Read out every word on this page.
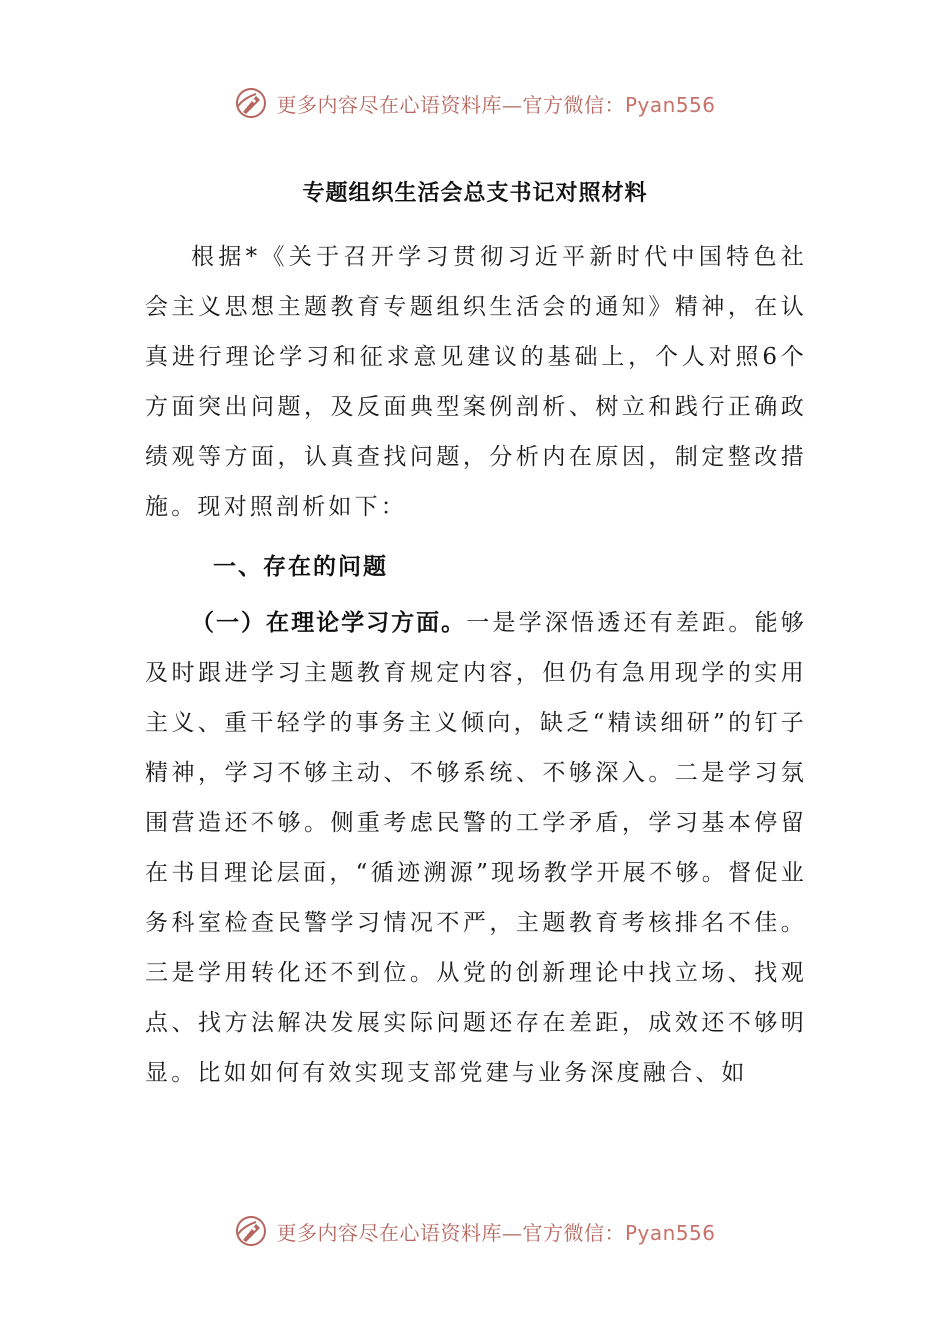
更多内容尽在心语资料库—官方微信：Pyan556
专题组织生活会总支书记对照材料

根据*《关于召开学习贯彻习近平新时代中国特色社会主义思想主题教育专题组织生活会的通知》精神，在认真进行理论学习和征求意见建议的基础上，个人对照6个方面突出问题，及反面典型案例剖析、树立和践行正确政绩观等方面，认真查找问题，分析内在原因，制定整改措施。现对照剖析如下：

一、存在的问题

（一）在理论学习方面。一是学深悟透还有差距。能够及时跟进学习主题教育规定内容，但仍有急用现学的实用主义、重干轻学的事务主义倾向，缺乏“精读细研”的钉子精神，学习不够主动、不够系统、不够深入。二是学习氛围营造还不够。侧重考虑民警的工学矛盾，学习基本停留在书目理论层面，“循迹溯源”现场教学开展不够。督促业务科室检查民警学习情况不严，主题教育考核排名不佳。三是学用转化还不到位。从党的创新理论中找立场、找观点、找方法解决发展实际问题还存在差距，成效还不够明显。比如如何有效实现支部党建与业务深度融合、如

更多内容尽在心语资料库—官方微信：Pyan556
